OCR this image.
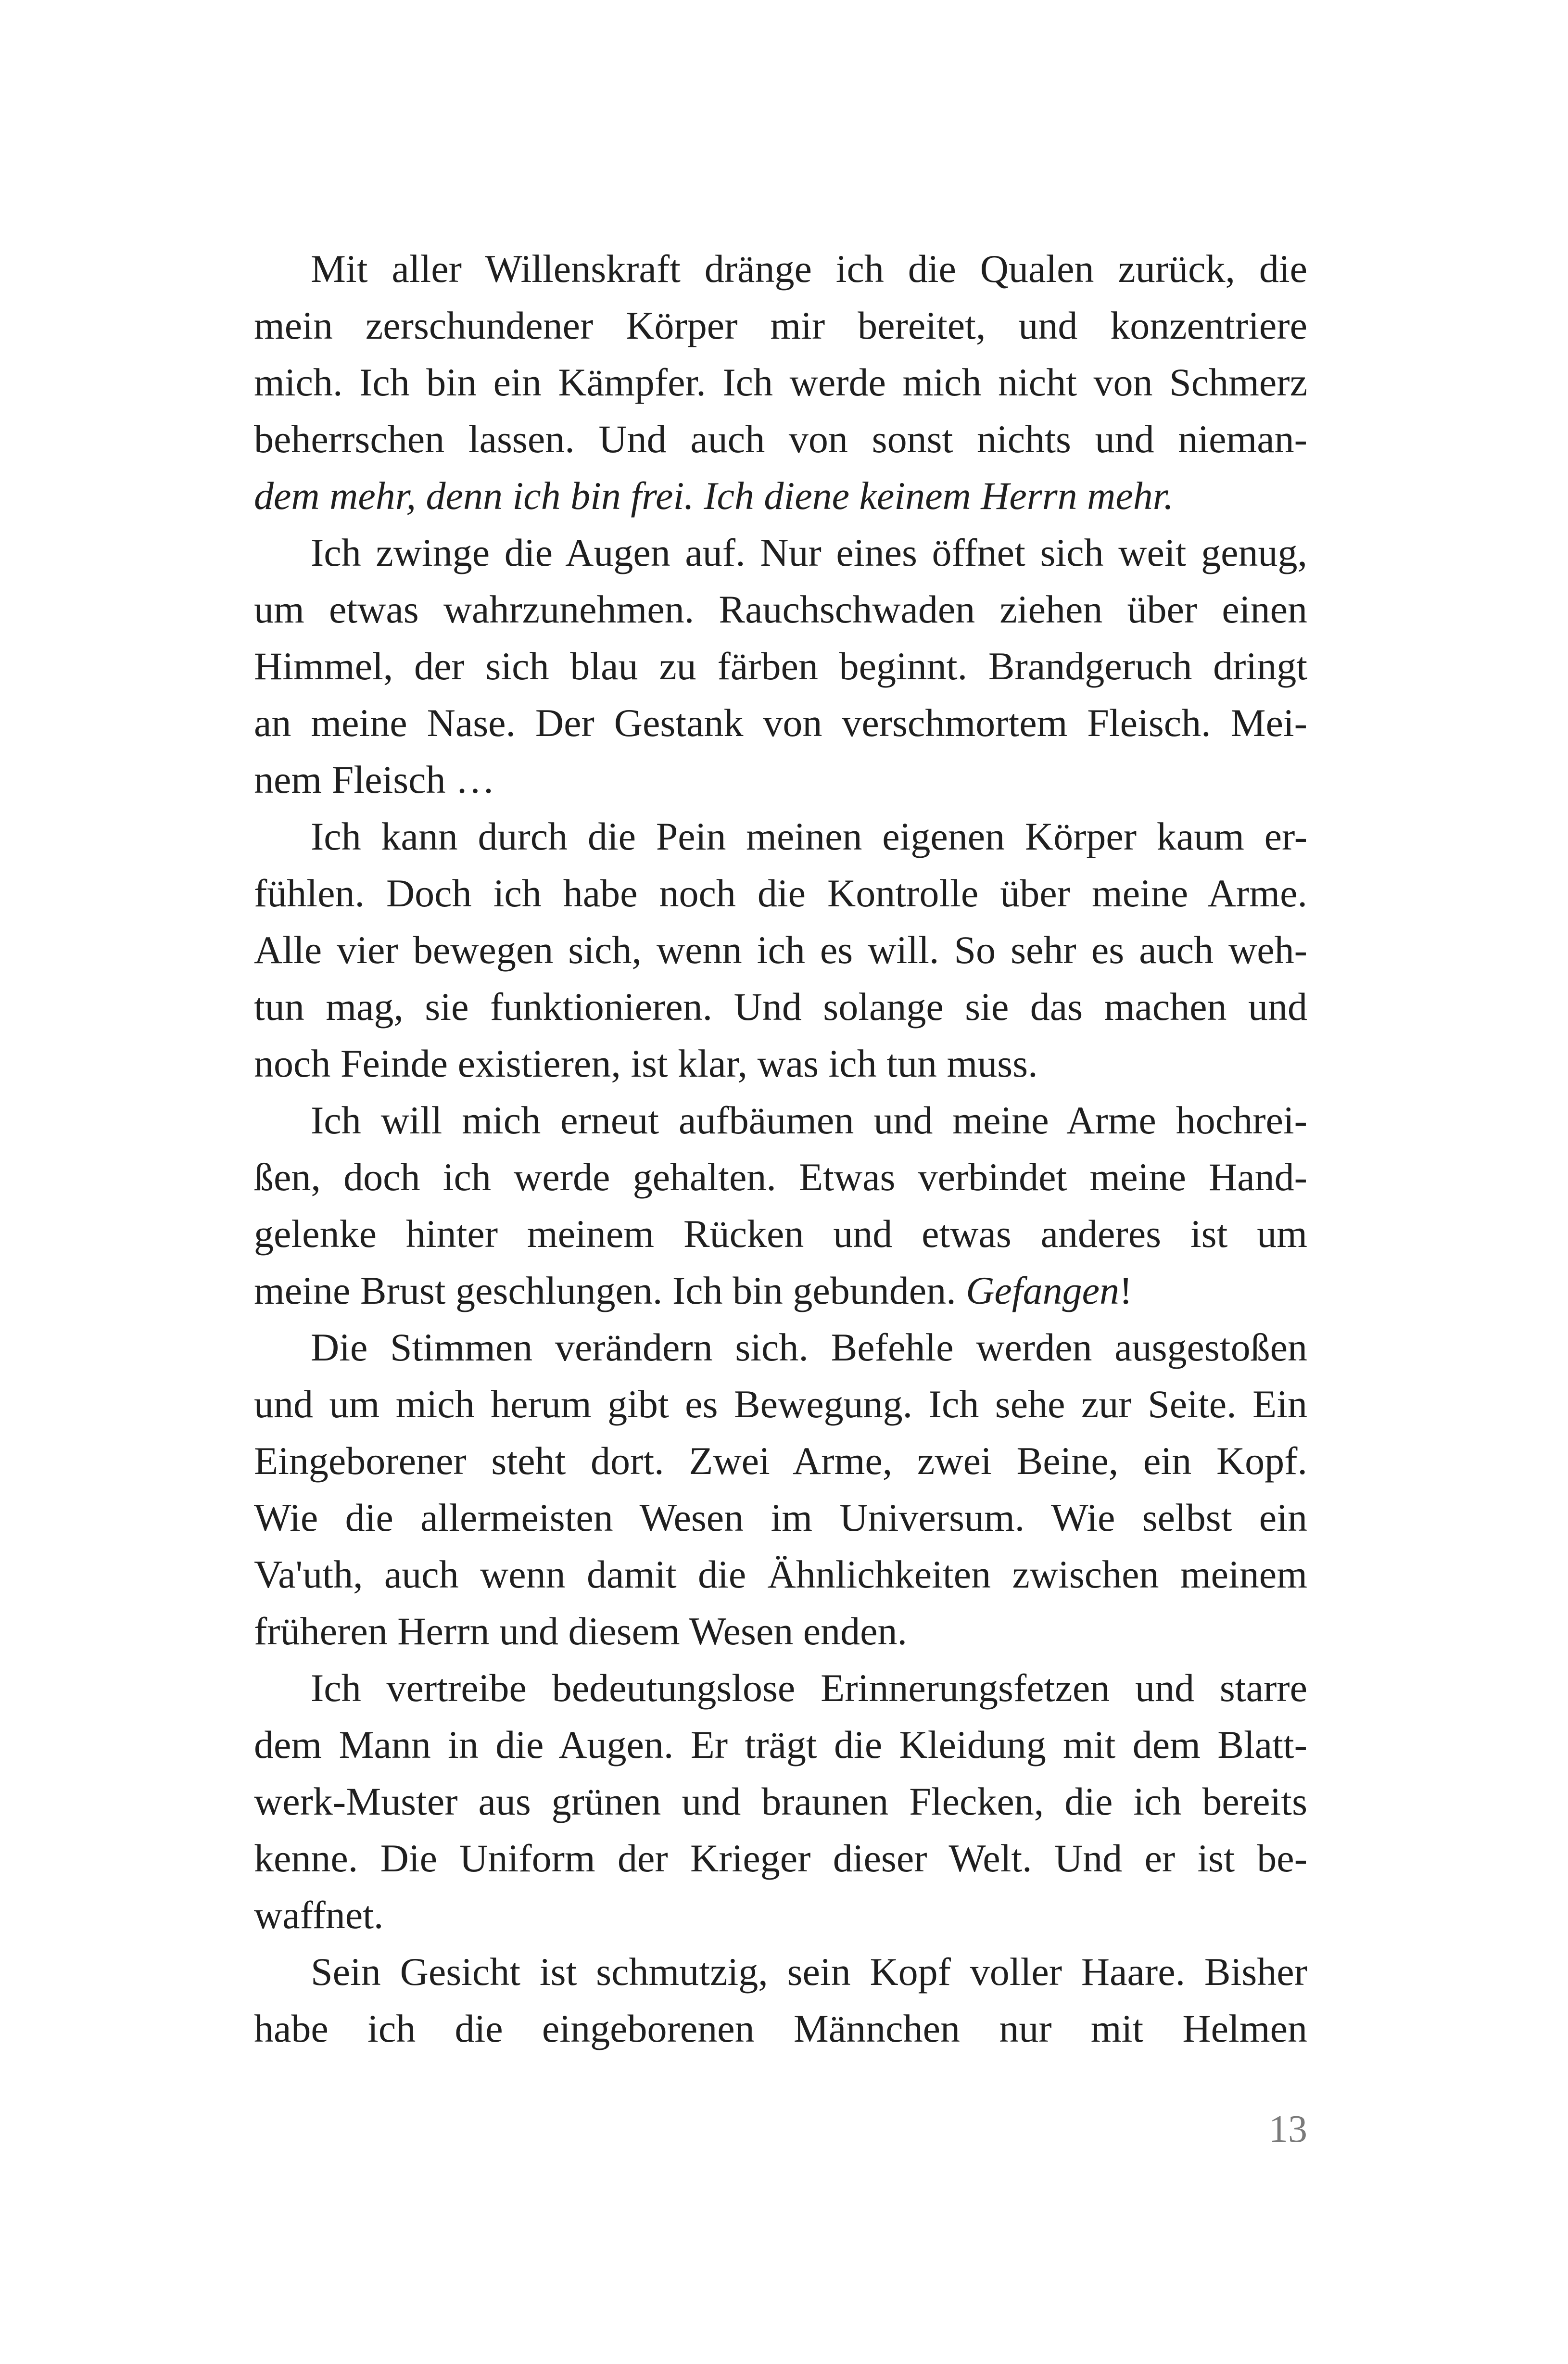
Mit aller Willenskraft dränge ich die Qualen zurück, die
mein zerschundener Körper mir bereitet, und konzentriere
mich. Ich bin ein Kämpfer. Ich werde mich nicht von Schmerz
beherrschen lassen. Und auch von sonst nichts und nieman-
dem mehr, denn ich bin frei. Ich diene keinem Herrn mehr.
Ich zwinge die Augen auf. Nur eines öffnet sich weit genug,
um etwas wahrzunehmen. Rauchschwaden ziehen über einen
Himmel, der sich blau zu färben beginnt. Brandgeruch dringt
an meine Nase. Der Gestank von verschmortem Fleisch. Mei-
nem Fleisch …
Ich kann durch die Pein meinen eigenen Körper kaum er-
fühlen. Doch ich habe noch die Kontrolle über meine Arme.
Alle vier bewegen sich, wenn ich es will. So sehr es auch weh-
tun mag, sie funktionieren. Und solange sie das machen und
noch Feinde existieren, ist klar, was ich tun muss.
Ich will mich erneut aufbäumen und meine Arme hochrei-
ßen, doch ich werde gehalten. Etwas verbindet meine Hand-
gelenke hinter meinem Rücken und etwas anderes ist um
meine Brust geschlungen. Ich bin gebunden. Gefangen!
Die Stimmen verändern sich. Befehle werden ausgestoßen
und um mich herum gibt es Bewegung. Ich sehe zur Seite. Ein
Eingeborener steht dort. Zwei Arme, zwei Beine, ein Kopf.
Wie die allermeisten Wesen im Universum. Wie selbst ein
Va'uth, auch wenn damit die Ähnlichkeiten zwischen meinem
früheren Herrn und diesem Wesen enden.
Ich vertreibe bedeutungslose Erinnerungsfetzen und starre
dem Mann in die Augen. Er trägt die Kleidung mit dem Blatt-
werk-Muster aus grünen und braunen Flecken, die ich bereits
kenne. Die Uniform der Krieger dieser Welt. Und er ist be-
waffnet.
Sein Gesicht ist schmutzig, sein Kopf voller Haare. Bisher
habe ich die eingeborenen Männchen nur mit Helmen
13
